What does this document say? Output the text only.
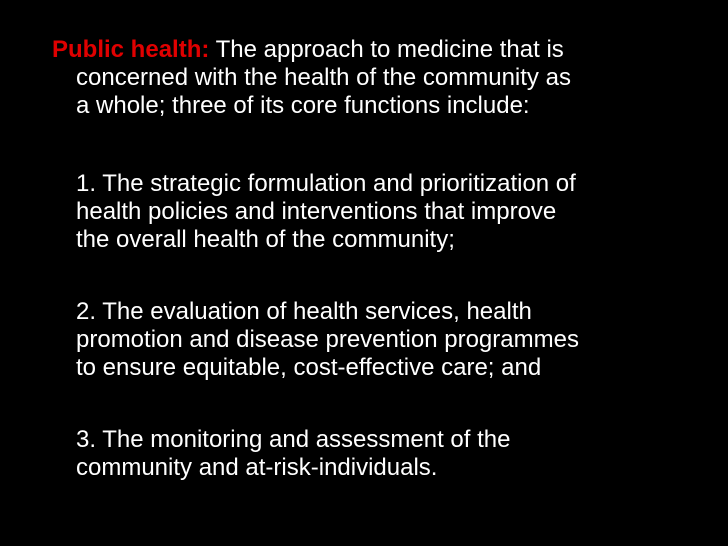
Public health: The approach to medicine that is
concerned with the health of the community as
a whole; three of its core functions include:

1. The strategic formulation and prioritization of
health policies and interventions that improve
the overall health of the community;

2. The evaluation of health services, health
promotion and disease prevention programmes
to ensure equitable, cost-effective care; and

3. The monitoring and assessment of the
community and at-risk-individuals.
